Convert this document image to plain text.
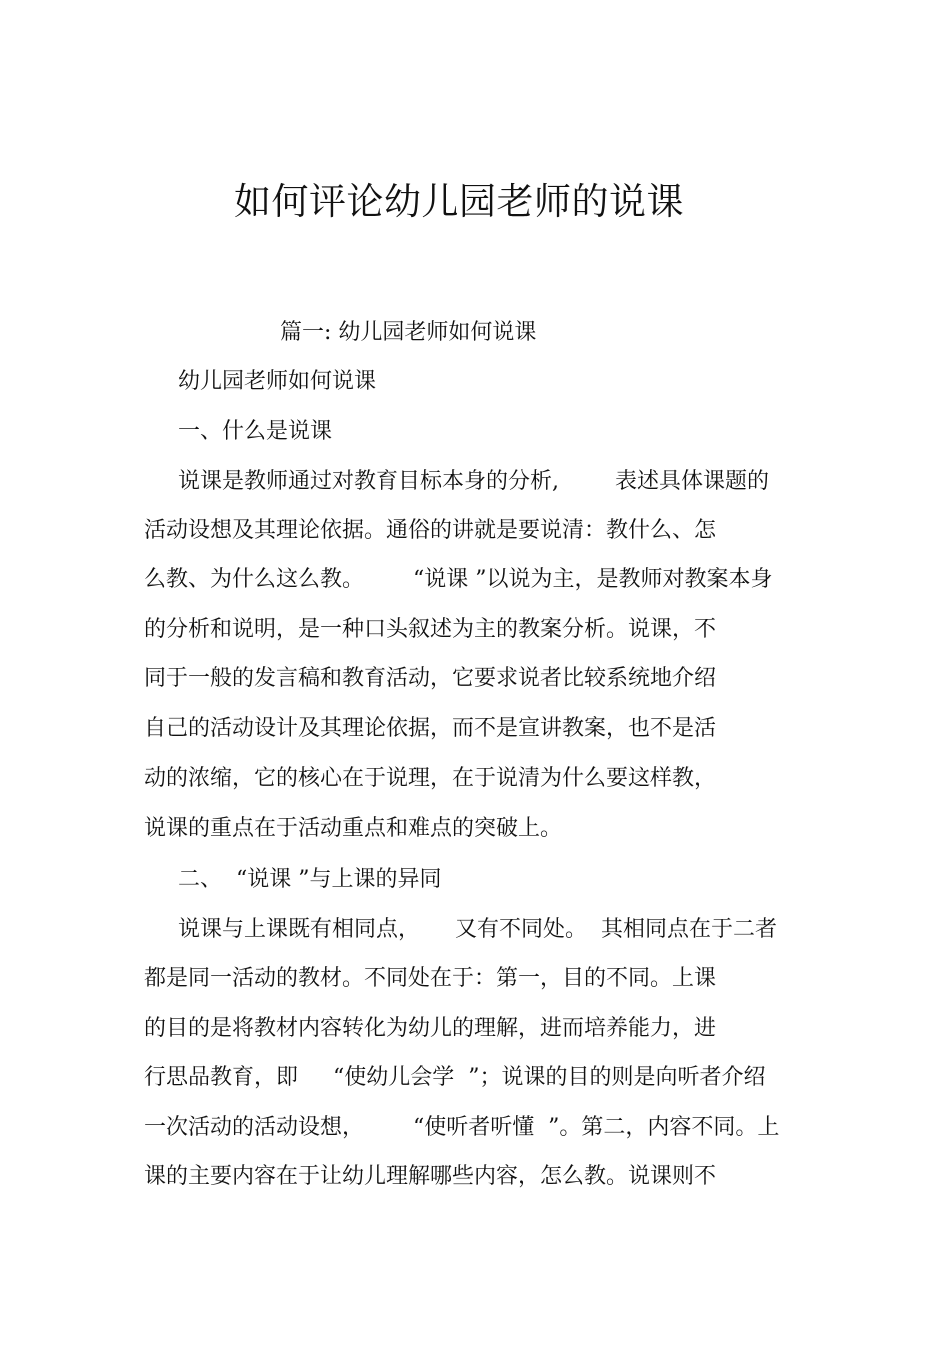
如何评论幼儿园老师的说课
篇一: 幼儿园老师如何说课
幼儿园老师如何说课
一、什么是说课
说课是教师通过对教育目标本身的分析,        表述具体课题的
活动设想及其理论依据。通俗的讲就是要说清：教什么、怎
么教、为什么这么教。       “说课 ”以说为主，是教师对教案本身
的分析和说明，是一种口头叙述为主的教案分析。说课，不
同于一般的发言稿和教育活动，它要求说者比较系统地介绍
自己的活动设计及其理论依据，而不是宣讲教案，也不是活
动的浓缩，它的核心在于说理，在于说清为什么要这样教，
说课的重点在于活动重点和难点的突破上。
二、  “说课 ”与上课的异同
说课与上课既有相同点，     又有不同处。  其相同点在于二者
都是同一活动的教材。不同处在于：第一，目的不同。上课
的目的是将教材内容转化为幼儿的理解，进而培养能力，进
行思品教育，即     “使幼儿会学  ”；说课的目的则是向听者介绍
一次活动的活动设想，       “使听者听懂  ”。第二，内容不同。上
课的主要内容在于让幼儿理解哪些内容，怎么教。说课则不
